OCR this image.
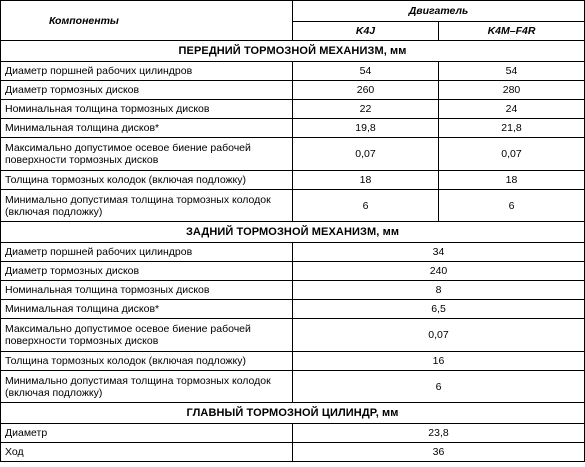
Компоненты	Двигатель	
	K4J	K4M–F4R
ПЕРЕДНИЙ ТОРМОЗНОЙ МЕХАНИЗМ, мм		
Диаметр поршней рабочих цилиндров	54	54
Диаметр тормозных дисков	260	280
Номинальная толщина тормозных дисков	22	24
Минимальная толщина дисков*	19,8	21,8
Максимально допустимое осевое биение рабочей поверхности тормозных дисков	0,07	0,07
Толщина тормозных колодок (включая подложку)	18	18
Минимально допустимая толщина тормозных колодок (включая подложку)	6	6
ЗАДНИЙ ТОРМОЗНОЙ МЕХАНИЗМ, мм		
Диаметр поршней рабочих цилиндров	34	
Диаметр тормозных дисков	240	
Номинальная толщина тормозных дисков	8	
Минимальная толщина дисков*	6,5	
Максимально допустимое осевое биение рабочей поверхности тормозных дисков	0,07	
Толщина тормозных колодок (включая подложку)	16	
Минимально допустимая толщина тормозных колодок (включая подложку)	6	
ГЛАВНЫЙ ТОРМОЗНОЙ ЦИЛИНДР, мм		
Диаметр	23,8	
Ход	36	
